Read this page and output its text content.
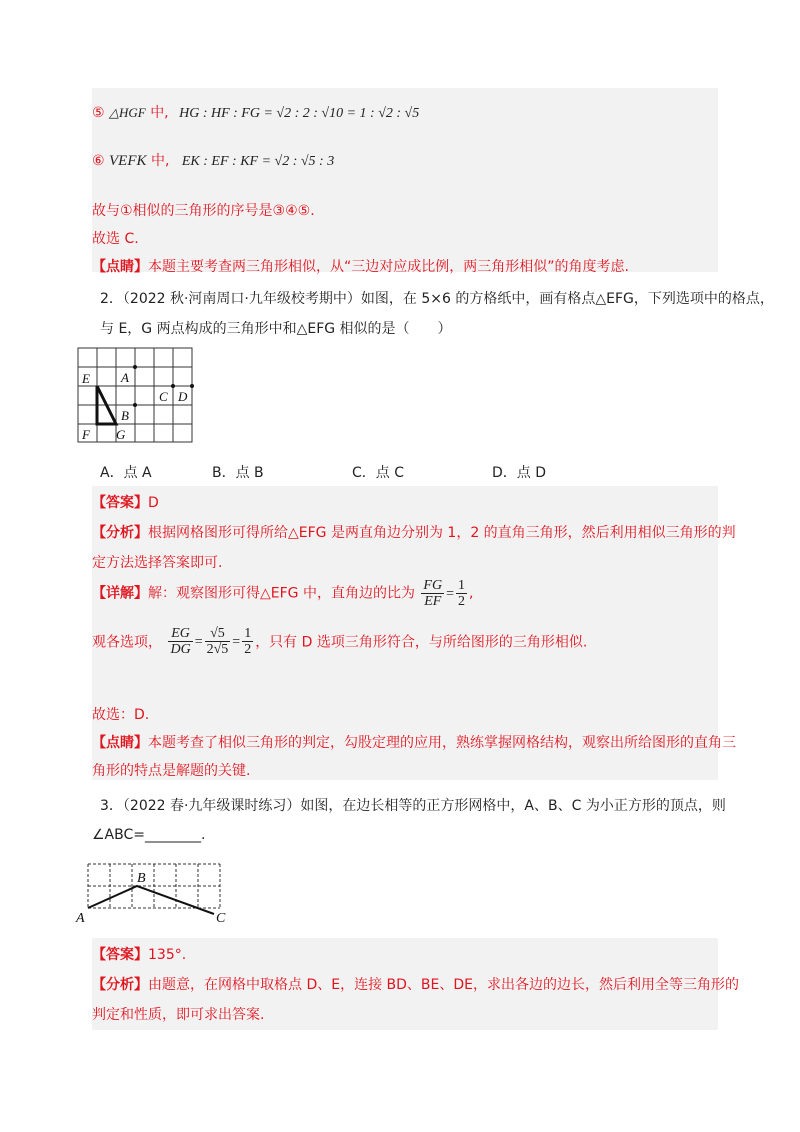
⑤ △HGF 中, HG : HF : FG = √2 : 2 : √10 = 1 : √2 : √5
⑥ VEFK 中, EK : EF : KF = √2 : √5 : 3
故与①相似的三角形的序号是③④⑤.
故选 C.
【点睛】本题主要考查两三角形相似，从“三边对应成比例，两三角形相似”的角度考虑.
2．（2022 秋·河南周口·九年级校考期中）如图，在 5×6 的方格纸中，画有格点△EFG，下列选项中的格点，
与 E，G 两点构成的三角形中和△EFG 相似的是（　　）
E
F G
A
B
C D
A．点 A	B．点 B	C．点 C	D．点 D
【答案】D
【分析】根据网格图形可得所给△EFG 是两直角边分别为 1，2 的直角三角形，然后利用相似三角形的判
定方法选择答案即可.
【详解】解：观察图形可得△EFG 中，直角边的比为 $\frac{FG}{EF} = \frac{1}{2}$ ,
观各选项， $\frac{EG}{DG} = \frac{√5}{2√5} = \frac{1}{2}$ ，只有 D 选项三角形符合，与所给图形的三角形相似.
故选：D.
【点睛】本题考查了相似三角形的判定，勾股定理的应用，熟练掌握网格结构，观察出所给图形的直角三
角形的特点是解题的关键.
3．（2022 春·九年级课时练习）如图，在边长相等的正方形网格中，A、B、C 为小正方形的顶点，则
∠ABC=________.
A
B
C
【答案】135°.
【分析】由题意，在网格中取格点 D、E，连接 BD、BE、DE，求出各边的边长，然后利用全等三角形的
判定和性质，即可求出答案.
